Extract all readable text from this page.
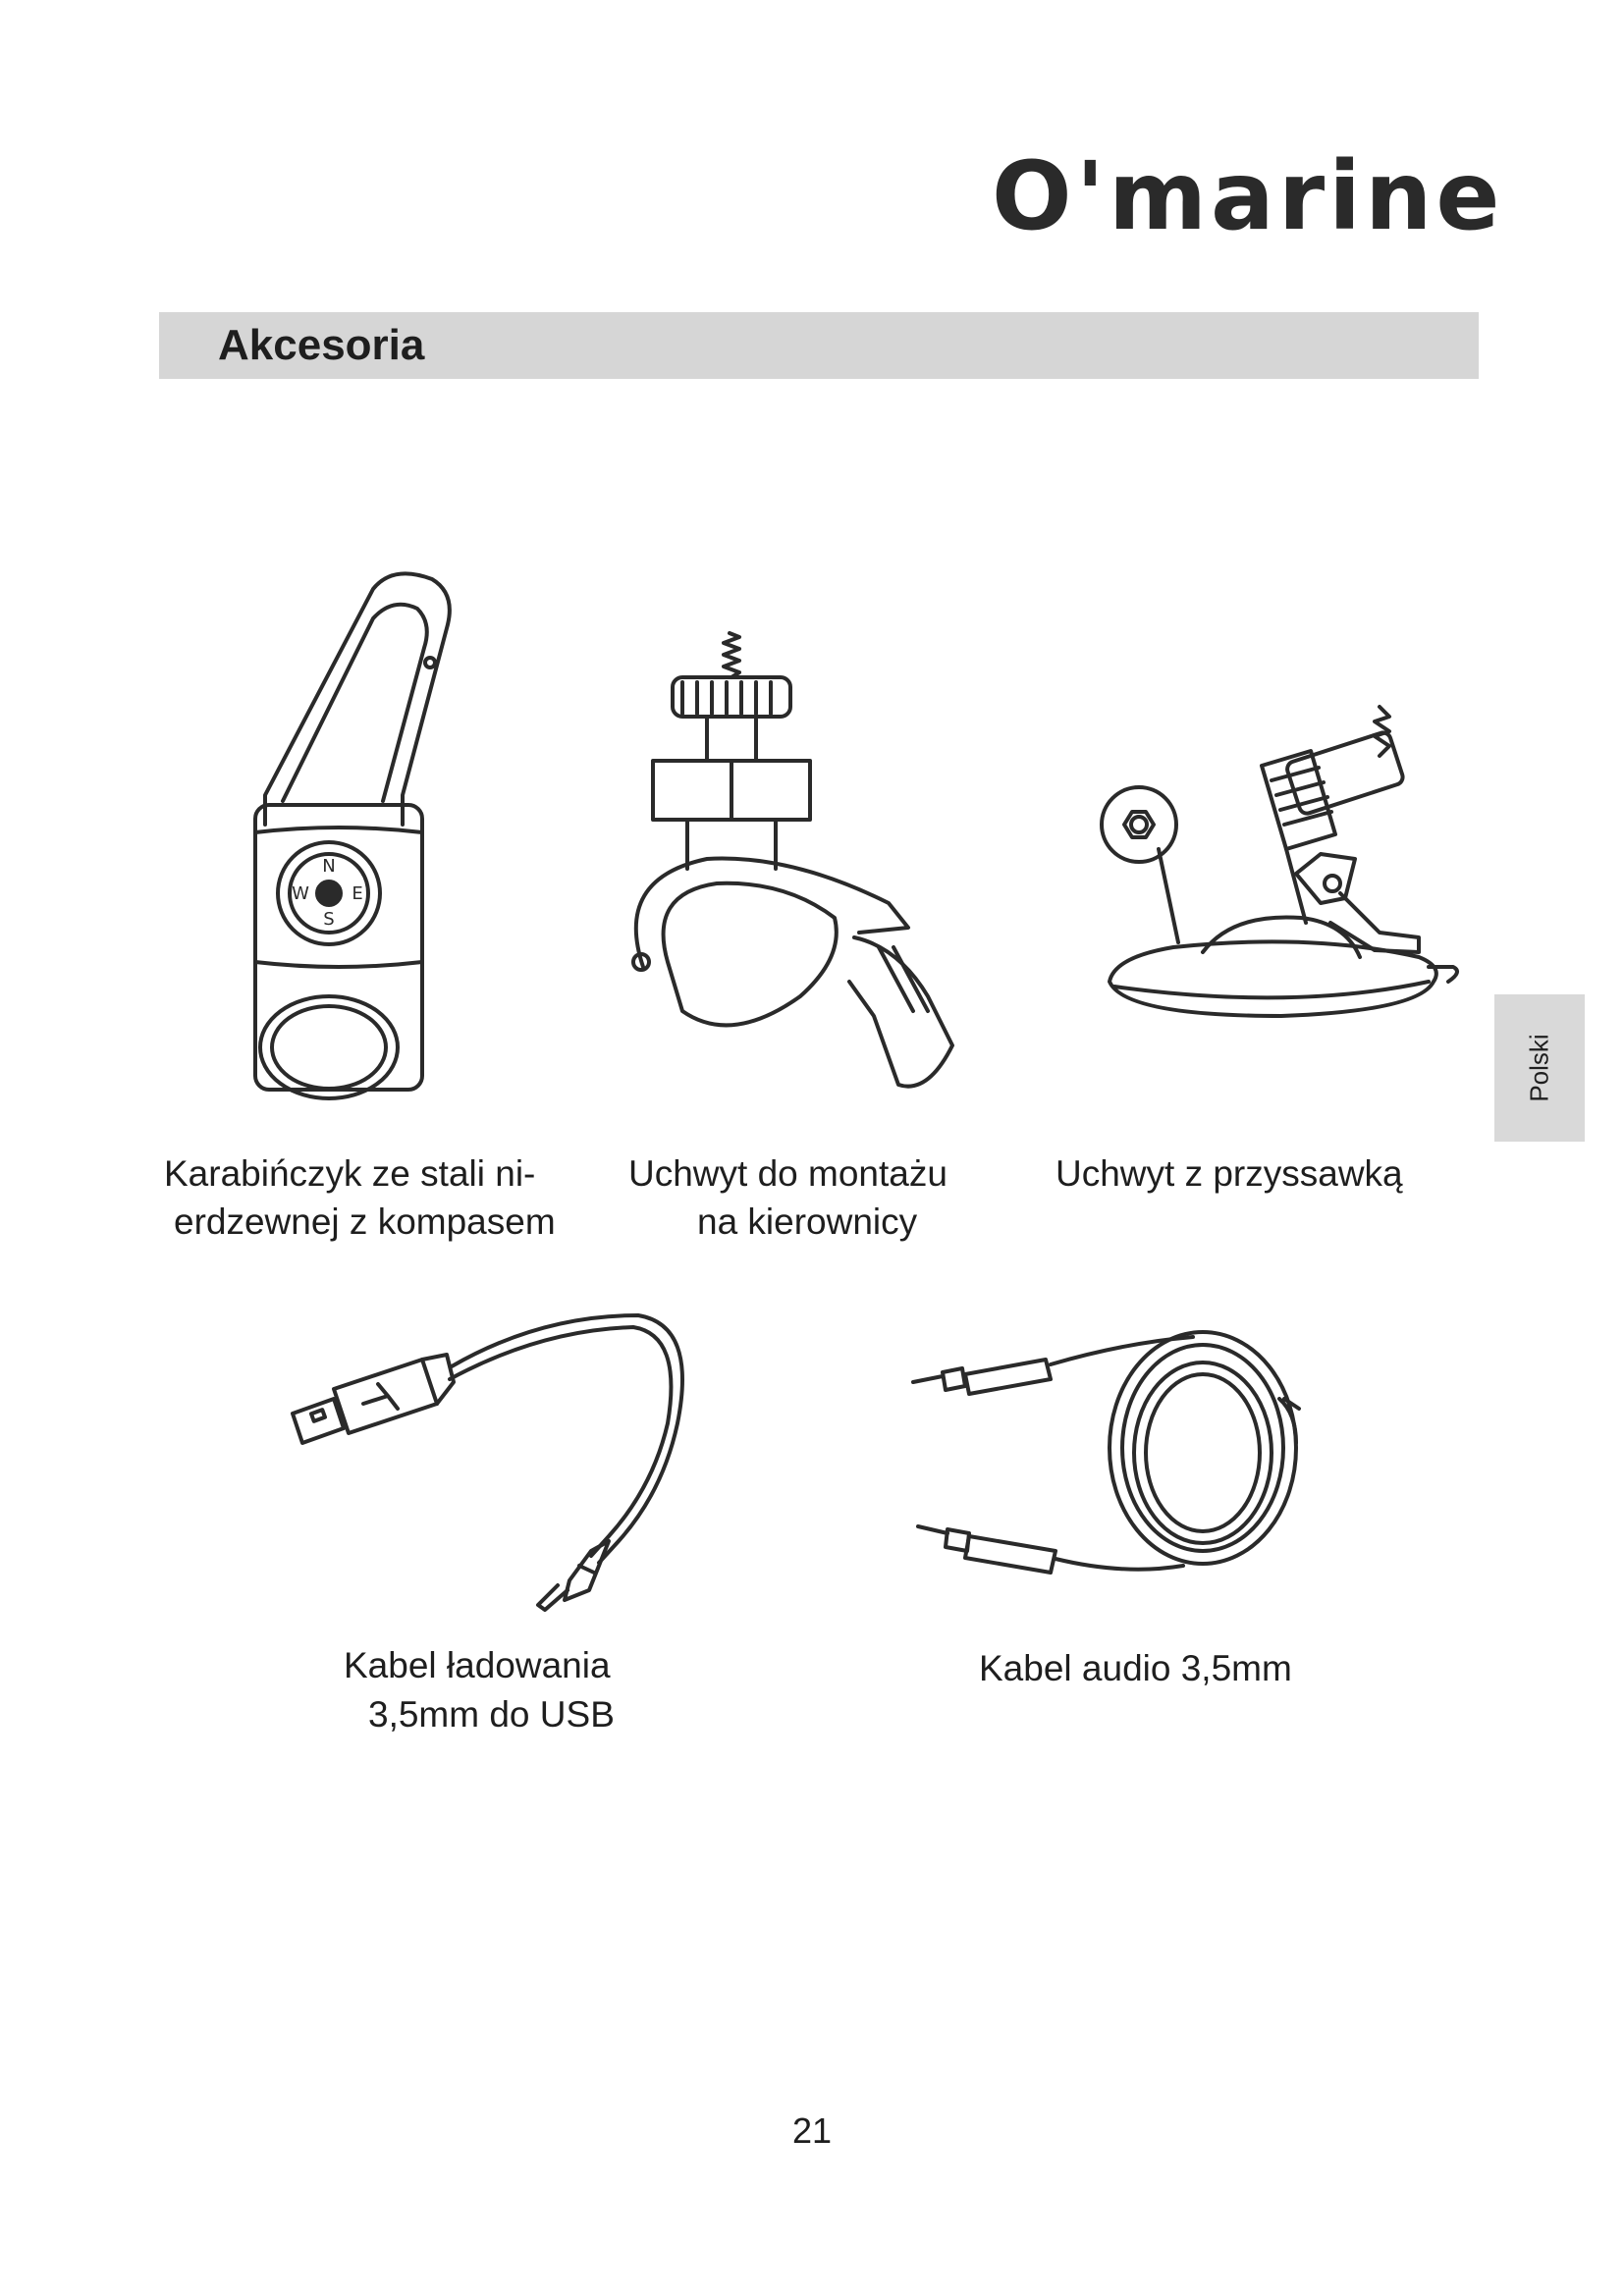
O'marine
Akcesoria
Polski
N
S
W E
Karabińczyk ze stali ni-
erdzewnej z kompasem
Uchwyt do montażu
na kierownicy
Uchwyt z przyssawką
Kabel ładowania
3,5mm do USB
Kabel audio 3,5mm
21
